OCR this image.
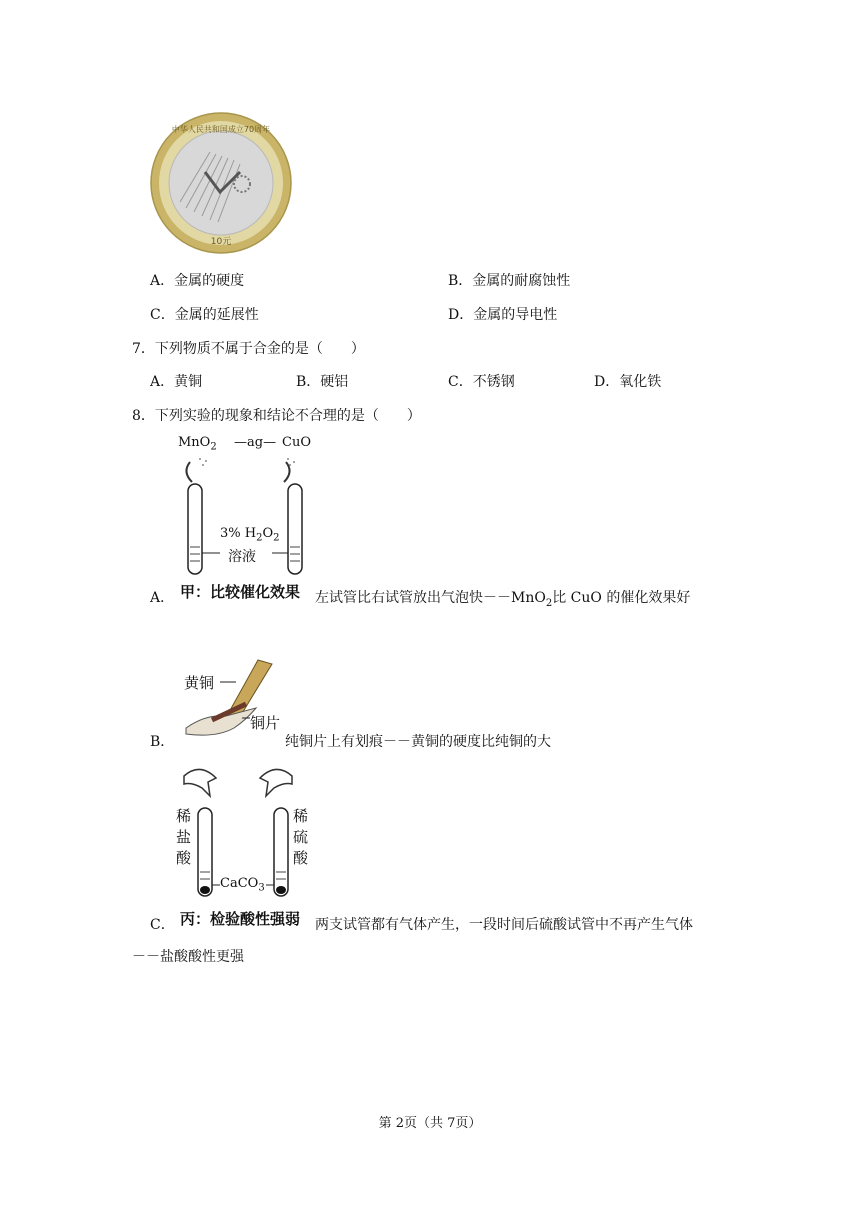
中华人民共和国成立70周年
10元
A．金属的硬度	B．金属的耐腐蚀性
C．金属的延展性	D．金属的导电性
7．下列物质不属于合金的是（　　）
A．黄铜	B．硬铝	C．不锈钢	D．氧化铁
8．下列实验的现象和结论不合理的是（　　）
MnO$_2$ —ag— CuO
3% $H_2O_2$
溶液
A． 甲：比较催化效果 左试管比右试管放出气泡快－－MnO$_2$比 CuO 的催化效果好
黄铜
铜片
B．	纯铜片上有划痕－－黄铜的硬度比纯铜的大
稀盐酸
稀硫酸
CaCO$_3$
C． 丙：检验酸性强弱 两支试管都有气体产生，一段时间后硫酸试管中不再产生气体
－－盐酸酸性更强
第 2页（共 7页）
